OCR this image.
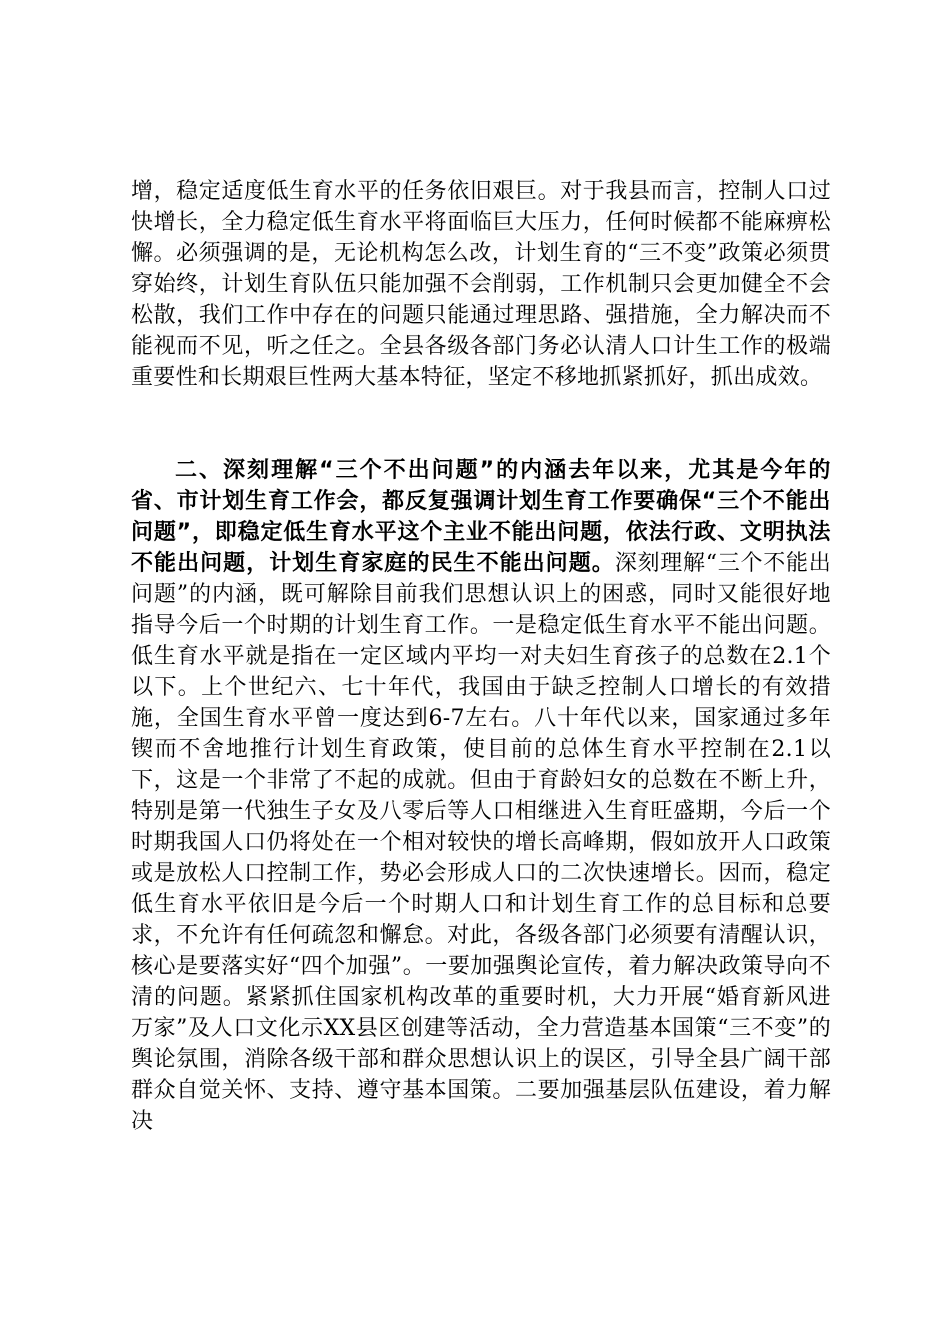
增，稳定适度低生育水平的任务依旧艰巨。对于我县而言，控制人口过快增长，全力稳定低生育水平将面临巨大压力，任何时候都不能麻痹松懈。必须强调的是，无论机构怎么改，计划生育的“三不变”政策必须贯穿始终，计划生育队伍只能加强不会削弱，工作机制只会更加健全不会松散，我们工作中存在的问题只能通过理思路、强措施，全力解决而不能视而不见，听之任之。全县各级各部门务必认清人口计生工作的极端重要性和长期艰巨性两大基本特征，坚定不移地抓紧抓好，抓出成效。

二、深刻理解“三个不出问题”的内涵去年以来，尤其是今年的省、市计划生育工作会，都反复强调计划生育工作要确保“三个不能出问题”，即稳定低生育水平这个主业不能出问题，依法行政、文明执法不能出问题，计划生育家庭的民生不能出问题。深刻理解“三个不能出问题”的内涵，既可解除目前我们思想认识上的困惑，同时又能很好地指导今后一个时期的计划生育工作。一是稳定低生育水平不能出问题。低生育水平就是指在一定区域内平均一对夫妇生育孩子的总数在2.1个以下。上个世纪六、七十年代，我国由于缺乏控制人口增长的有效措施，全国生育水平曾一度达到6-7左右。八十年代以来，国家通过多年锲而不舍地推行计划生育政策，使目前的总体生育水平控制在2.1以下，这是一个非常了不起的成就。但由于育龄妇女的总数在不断上升，特别是第一代独生子女及八零后等人口相继进入生育旺盛期，今后一个时期我国人口仍将处在一个相对较快的增长高峰期，假如放开人口政策或是放松人口控制工作，势必会形成人口的二次快速增长。因而，稳定低生育水平依旧是今后一个时期人口和计划生育工作的总目标和总要求，不允许有任何疏忽和懈怠。对此，各级各部门必须要有清醒认识，核心是要落实好“四个加强”。一要加强舆论宣传，着力解决政策导向不清的问题。紧紧抓住国家机构改革的重要时机，大力开展“婚育新风进万家”及人口文化示XX县区创建等活动，全力营造基本国策“三不变”的舆论氛围，消除各级干部和群众思想认识上的误区，引导全县广阔干部群众自觉关怀、支持、遵守基本国策。二要加强基层队伍建设，着力解决
